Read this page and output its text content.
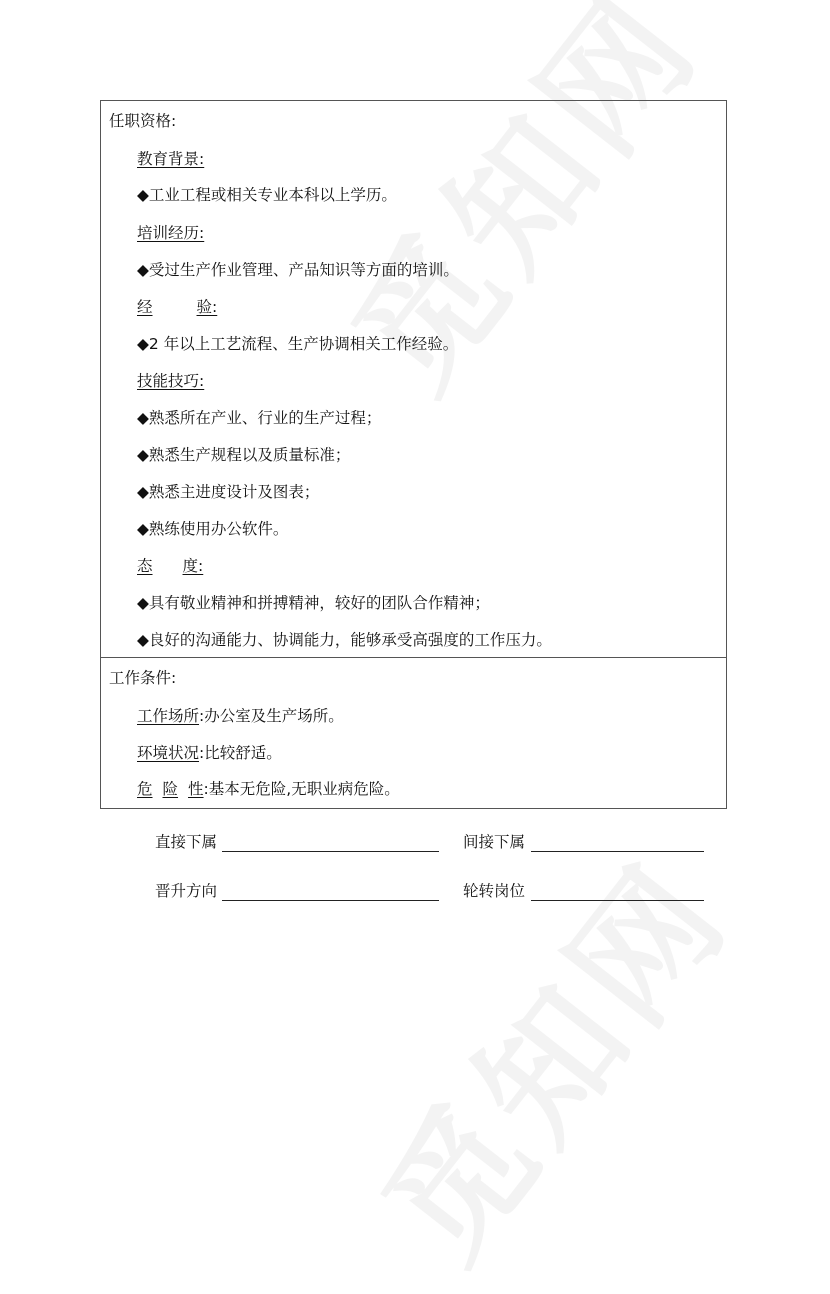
任职资格:
教育背景:
◆工业工程或相关专业本科以上学历。
培训经历:
◆受过生产作业管理、产品知识等方面的培训。
经	验:
◆2 年以上工艺流程、生产协调相关工作经验。
技能技巧:
◆熟悉所在产业、行业的生产过程；
◆熟悉生产规程以及质量标准；
◆熟悉主进度设计及图表；
◆熟练使用办公软件。
态 度:
◆具有敬业精神和拼搏精神，较好的团队合作精神；
◆良好的沟通能力、协调能力，能够承受高强度的工作压力。
工作条件:
工作场所:办公室及生产场所。
环境状况:比较舒适。
危 险 性:基本无危险,无职业病危险。
直接下属	间接下属
晋升方向	轮转岗位
